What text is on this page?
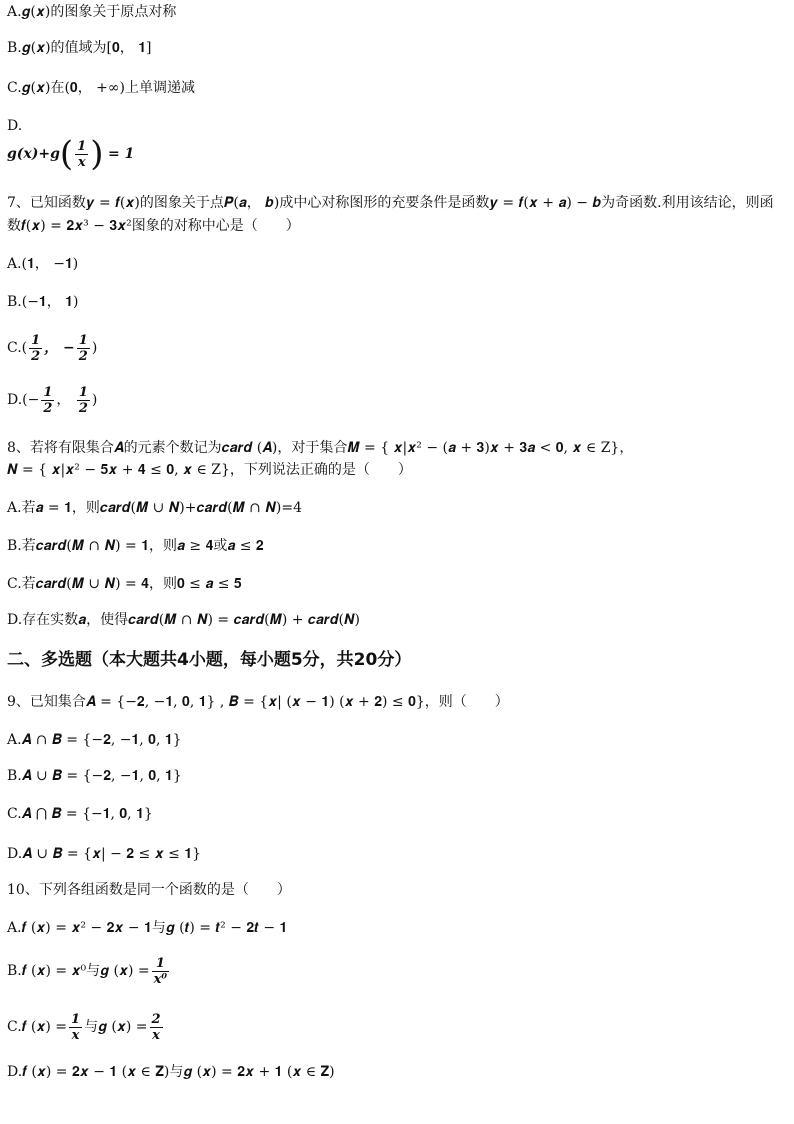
A.𝒈(𝒙)的图象关于原点对称
B.𝒈(𝒙)的值域为[𝟎， 𝟏]
C.𝒈(𝒙)在(𝟎， +∞)上单调递减
D.
$g(x)+g( \frac{1}{x}$ ) = 1
7、已知函数𝒚 = 𝒇(𝒙)的图象关于点𝑷(𝒂， 𝒃)成中心对称图形的充要条件是函数𝒚 = 𝒇(𝒙 + 𝒂) − 𝒃为奇函数.利用该结论，则函数𝒇(𝒙) = 𝟐𝒙³ − 𝟑𝒙²图象的对称中心是（　　）
A.(𝟏， −𝟏)
B.(−𝟏， 𝟏)
$C.( \frac{1}{2}$ ， − $\frac{1}{2}$ )
$D.(- \frac{1}{2}$ ， $\frac{1}{2}$ )
8、若将有限集合𝑨的元素个数记为𝒄𝒂𝒓𝒅 (𝑨)，对于集合𝑴 = { 𝒙|𝒙² − (𝒂 + 𝟑)𝒙 + 𝟑𝒂 < 𝟎, 𝒙 ∈ Z}，
𝑵 = { 𝒙|𝒙² − 𝟓𝒙 + 𝟒 ≤ 𝟎, 𝒙 ∈ Z}，下列说法正确的是（　　）
A.若𝒂 = 𝟏，则𝒄𝒂𝒓𝒅(𝑴 ∪ 𝑵)+𝒄𝒂𝒓𝒅(𝑴 ∩ 𝑵)=4
B.若𝒄𝒂𝒓𝒅(𝑴 ∩ 𝑵) = 𝟏，则𝒂 ≥ 𝟒或𝒂 ≤ 𝟐
C.若𝒄𝒂𝒓𝒅(𝑴 ∪ 𝑵) = 𝟒，则𝟎 ≤ 𝒂 ≤ 𝟓
D.存在实数𝒂，使得𝒄𝒂𝒓𝒅(𝑴 ∩ 𝑵) = 𝒄𝒂𝒓𝒅(𝑴) + 𝒄𝒂𝒓𝒅(𝑵)
二、多选题（本大题共4小题，每小题5分，共20分）
9、已知集合𝑨 = {−𝟐, −𝟏, 𝟎, 𝟏} , 𝑩 = {𝒙| (𝒙 − 𝟏) (𝒙 + 𝟐) ≤ 𝟎}，则（　　）
A.𝑨 ∩ 𝑩 = {−𝟐, −𝟏, 𝟎, 𝟏}
B.𝑨 ∪ 𝑩 = {−𝟐, −𝟏, 𝟎, 𝟏}
C.𝑨 ⋂ 𝑩 = {−𝟏, 𝟎, 𝟏}
D.𝑨 ∪ 𝑩 = {𝒙| − 𝟐 ≤ 𝒙 ≤ 𝟏}
10、下列各组函数是同一个函数的是（　　）
A.𝒇 (𝒙) = 𝒙² − 𝟐𝒙 − 𝟏与𝒈 (𝒕) = 𝒕² − 𝟐𝒕 − 𝟏
B.𝒇 (𝒙) = 𝒙⁰与𝒈 (𝒙) = $\frac{1}{\text{x⁰}}$
C.𝒇 (𝒙) = $\frac{1}{x}$ 与𝒈 (𝒙) = $\frac{2}{x}$
D.𝒇 (𝒙) = 𝟐𝒙 − 𝟏 (𝒙 ∈ 𝐙)与𝒈 (𝒙) = 𝟐𝒙 + 𝟏 (𝒙 ∈ 𝐙)
